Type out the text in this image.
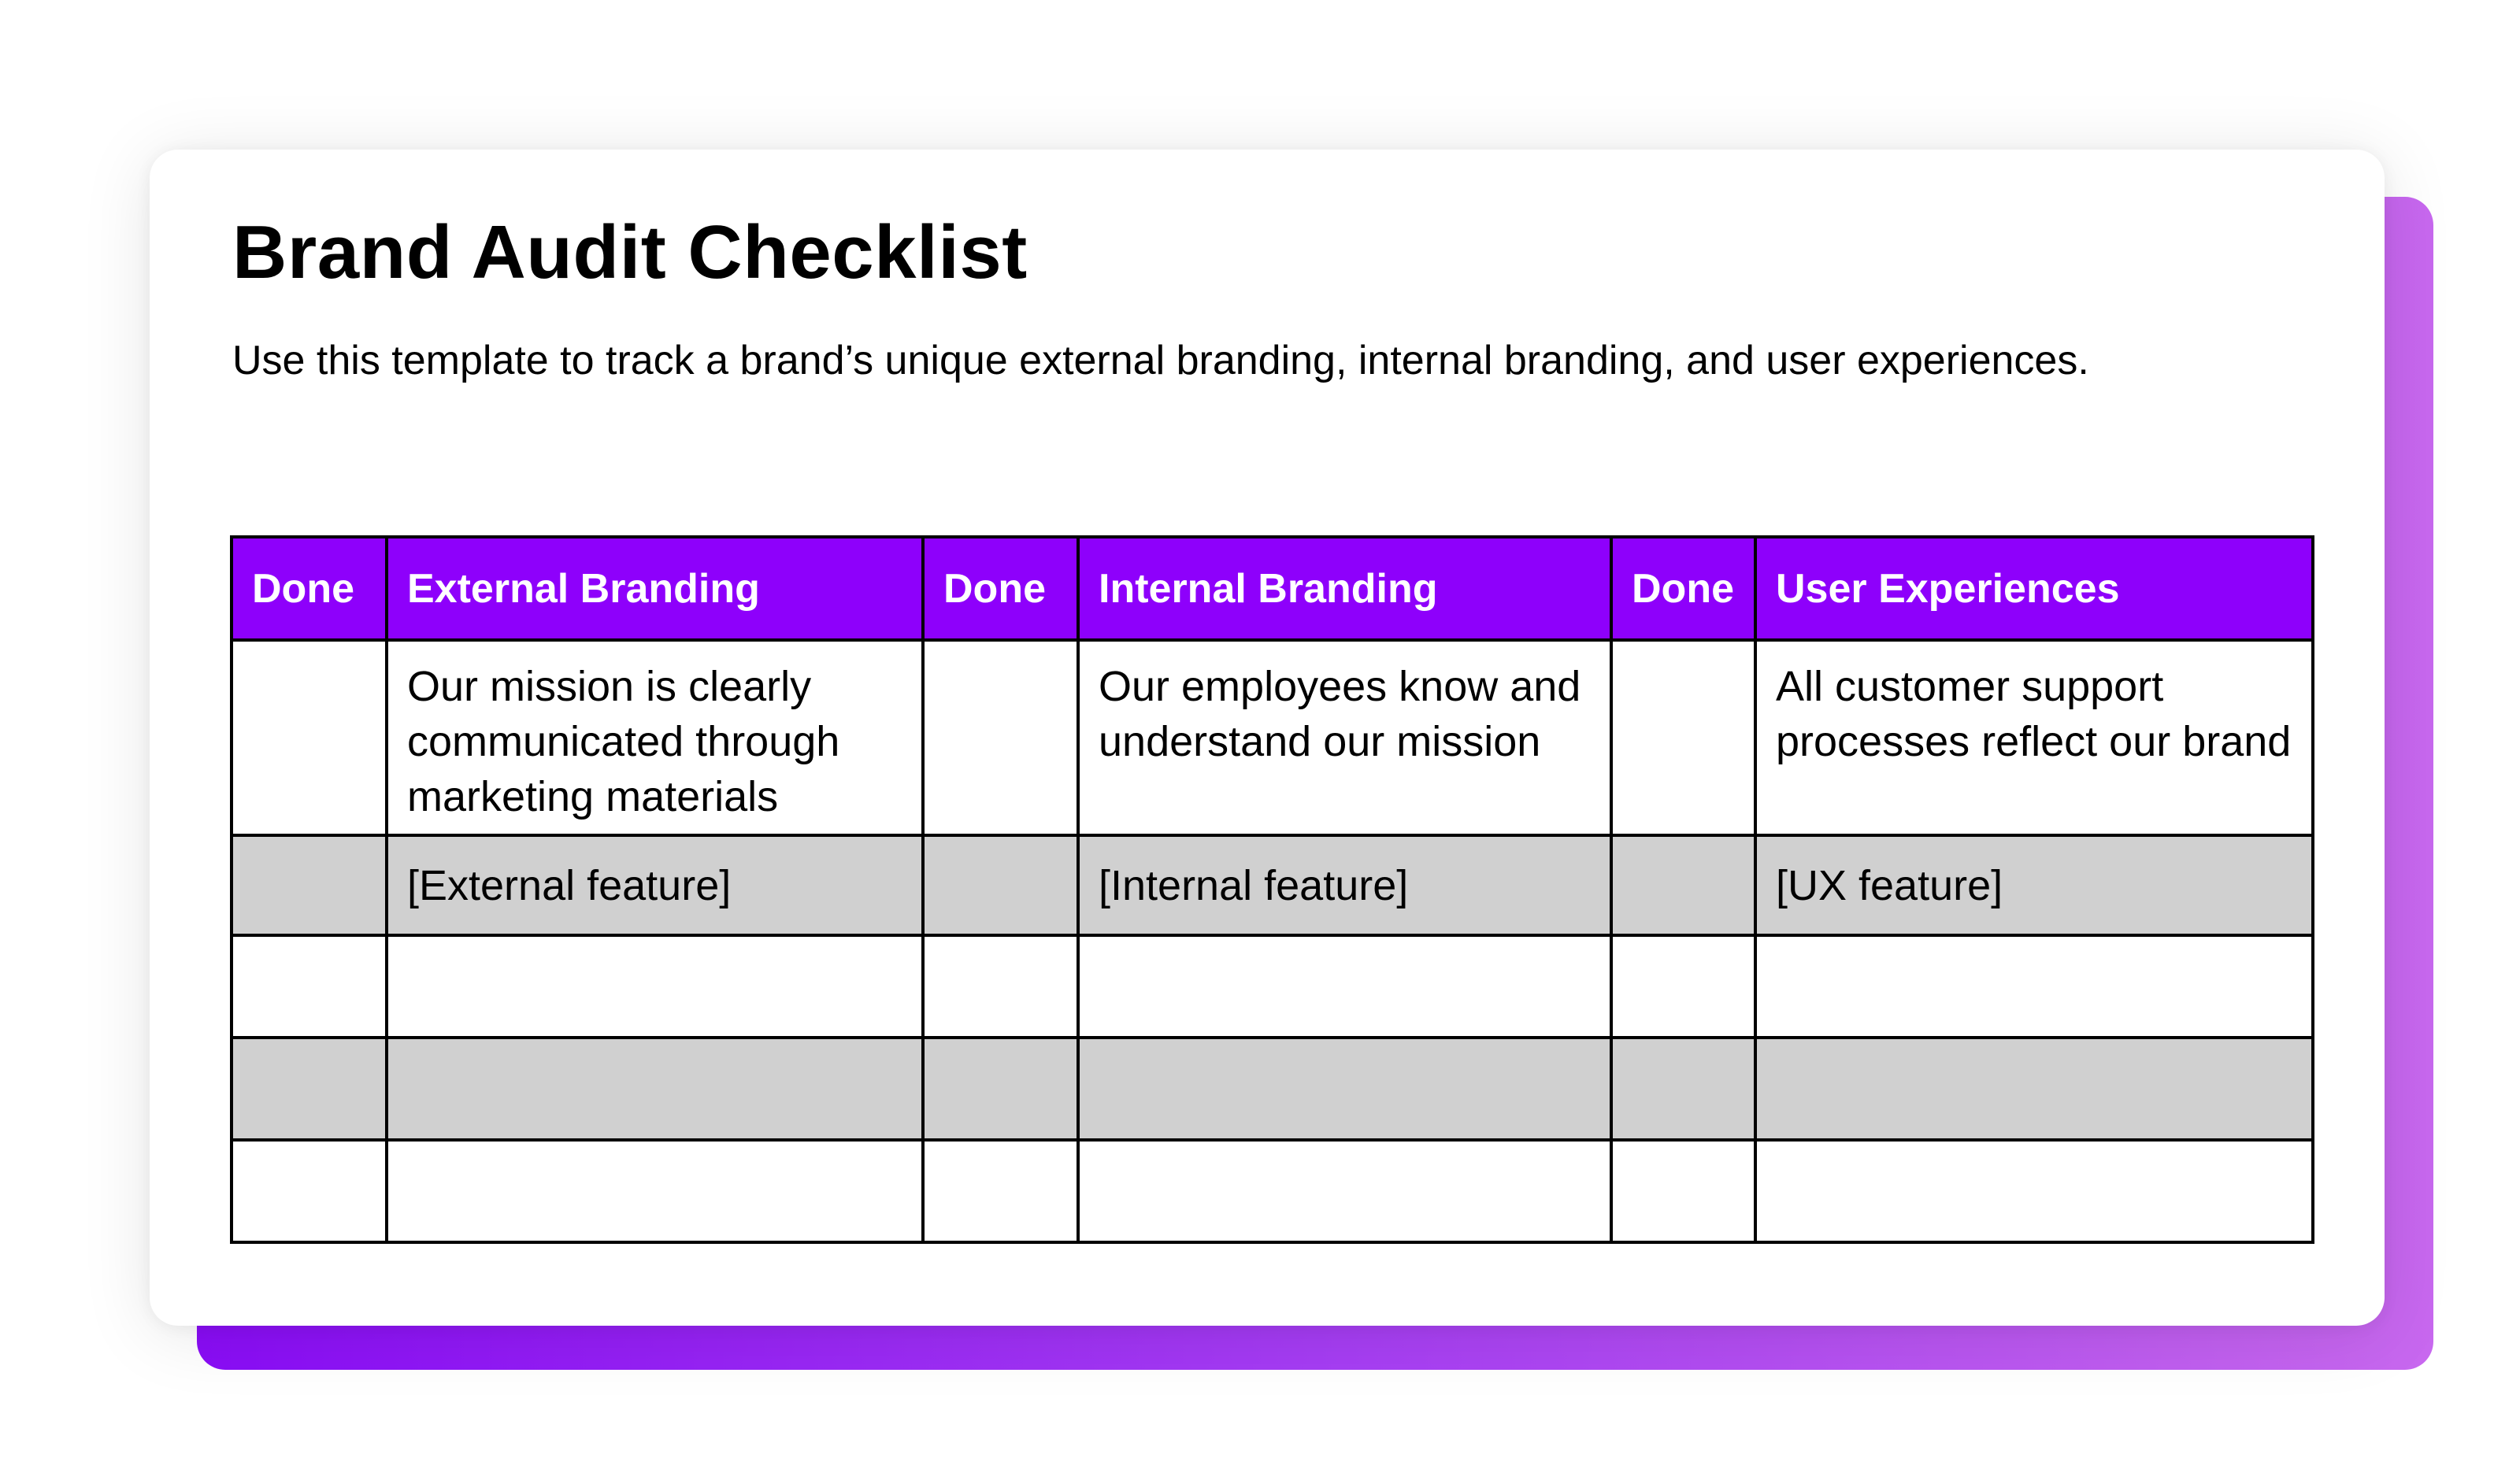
Brand Audit Checklist

Use this template to track a brand’s unique external branding, internal branding, and user experiences.

Done	External Branding	Done	Internal Branding	Done	User Experiences
	Our mission is clearly communicated through marketing materials		Our employees know and understand our mission		All customer support processes reflect our brand
	[External feature]		[Internal feature]		[UX feature]
